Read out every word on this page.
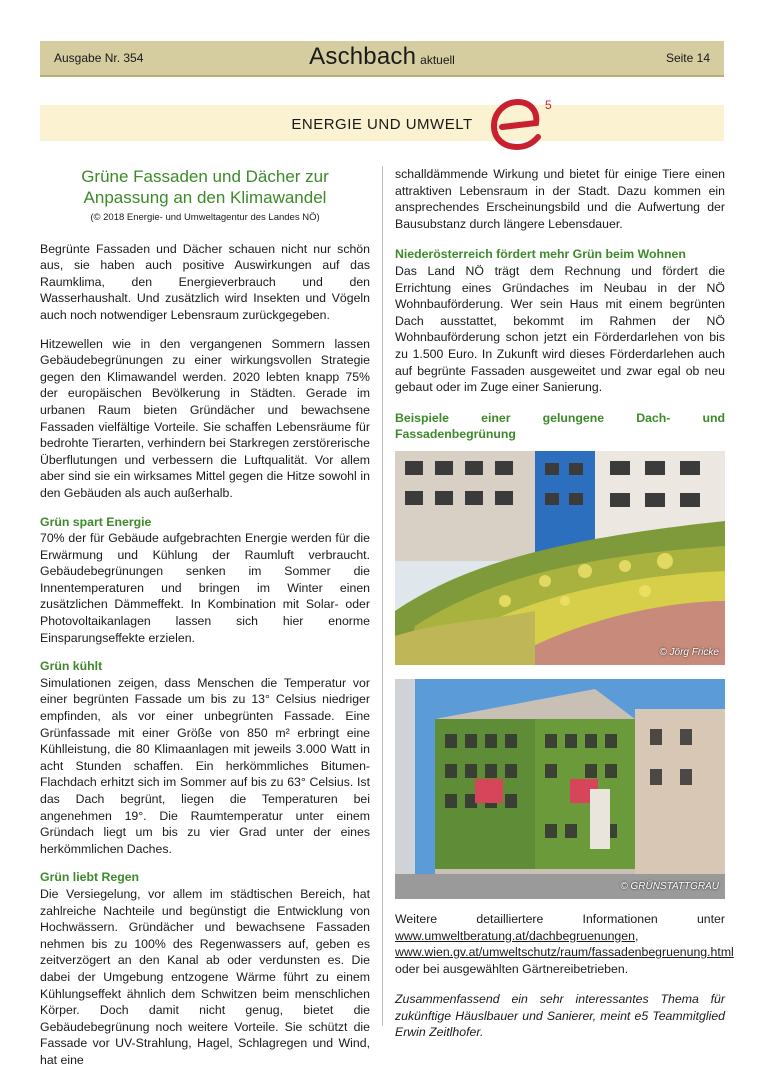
Ausgabe Nr. 354	Aschbach aktuell	Seite 14
ENERGIE UND UMWELT
5
Grüne Fassaden und Dächer zur
Anpassung an den Klimawandel
(© 2018 Energie- und Umweltagentur des Landes NÖ)

Begrünte Fassaden und Dächer schauen nicht nur schön aus, sie haben auch positive Auswirkungen auf das Raumklima, den Energieverbrauch und den Wasserhaushalt. Und zusätzlich wird Insekten und Vögeln auch noch notwendiger Lebensraum zurückgegeben.

Hitzewellen wie in den vergangenen Sommern lassen Gebäudebegrünungen zu einer wirkungsvollen Strategie gegen den Klimawandel werden. 2020 lebten knapp 75% der europäischen Bevölkerung in Städten. Gerade im urbanen Raum bieten Gründächer und bewachsene Fassaden vielfältige Vorteile. Sie schaffen Lebensräume für bedrohte Tierarten, verhindern bei Starkregen zerstörerische Überflutungen und verbessern die Luftqualität. Vor allem aber sind sie ein wirksames Mittel gegen die Hitze sowohl in den Gebäuden als auch außerhalb.

Grün spart Energie

70% der für Gebäude aufgebrachten Energie werden für die Erwärmung und Kühlung der Raumluft verbraucht. Gebäudebegrünungen senken im Sommer die Innentemperaturen und bringen im Winter einen zusätzlichen Dämmeffekt. In Kombination mit Solar- oder Photovoltaikanlagen lassen sich hier enorme Einsparungseffekte erzielen.

Grün kühlt

Simulationen zeigen, dass Menschen die Temperatur vor einer begrünten Fassade um bis zu 13° Celsius niedriger empfinden, als vor einer unbegrünten Fassade. Eine Grünfassade mit einer Größe von 850 m² erbringt eine Kühlleistung, die 80 Klimaanlagen mit jeweils 3.000 Watt in acht Stunden schaffen. Ein herkömmliches Bitumen-Flachdach erhitzt sich im Sommer auf bis zu 63° Celsius. Ist das Dach begrünt, liegen die Temperaturen bei angenehmen 19°. Die Raumtemperatur unter einem Gründach liegt um bis zu vier Grad unter der eines herkömmlichen Daches.

Grün liebt Regen

Die Versiegelung, vor allem im städtischen Bereich, hat zahlreiche Nachteile und begünstigt die Entwicklung von Hochwässern. Gründächer und bewachsene Fassaden nehmen bis zu 100% des Regenwassers auf, geben es zeitverzögert an den Kanal ab oder verdunsten es. Die dabei der Umgebung entzogene Wärme führt zu einem Kühlungseffekt ähnlich dem Schwitzen beim menschlichen Körper. Doch damit nicht genug, bietet die Gebäudebegrünung noch weitere Vorteile. Sie schützt die Fassade vor UV-Strahlung, Hagel, Schlagregen und Wind, hat eine

schalldämmende Wirkung und bietet für einige Tiere einen attraktiven Lebensraum in der Stadt. Dazu kommen ein ansprechendes Erscheinungsbild und die Aufwertung der Bausubstanz durch längere Lebensdauer.

Niederösterreich fördert mehr Grün beim Wohnen

Das Land NÖ trägt dem Rechnung und fördert die Errichtung eines Gründaches im Neubau in der NÖ Wohnbauförderung. Wer sein Haus mit einem begrünten Dach ausstattet, bekommt im Rahmen der NÖ Wohnbauförderung schon jetzt ein Förderdarlehen von bis zu 1.500 Euro. In Zukunft wird dieses Förderdarlehen auch auf begrünte Fassaden ausgeweitet und zwar egal ob neu gebaut oder im Zuge einer Sanierung.

Beispiele einer gelungene Dach- und Fassadenbegrünung
© Jörg Fricke
© GRÜNSTATTGRAU

Weitere detailliertere Informationen unter www.umweltberatung.at/dachbegruenungen, www.wien.gv.at/umweltschutz/raum/fassadenbegruenung.html oder bei ausgewählten Gärtnereibetrieben.

Zusammenfassend ein sehr interessantes Thema für zukünftige Häuslbauer und Sanierer, meint e5 Teammitglied Erwin Zeitlhofer.
